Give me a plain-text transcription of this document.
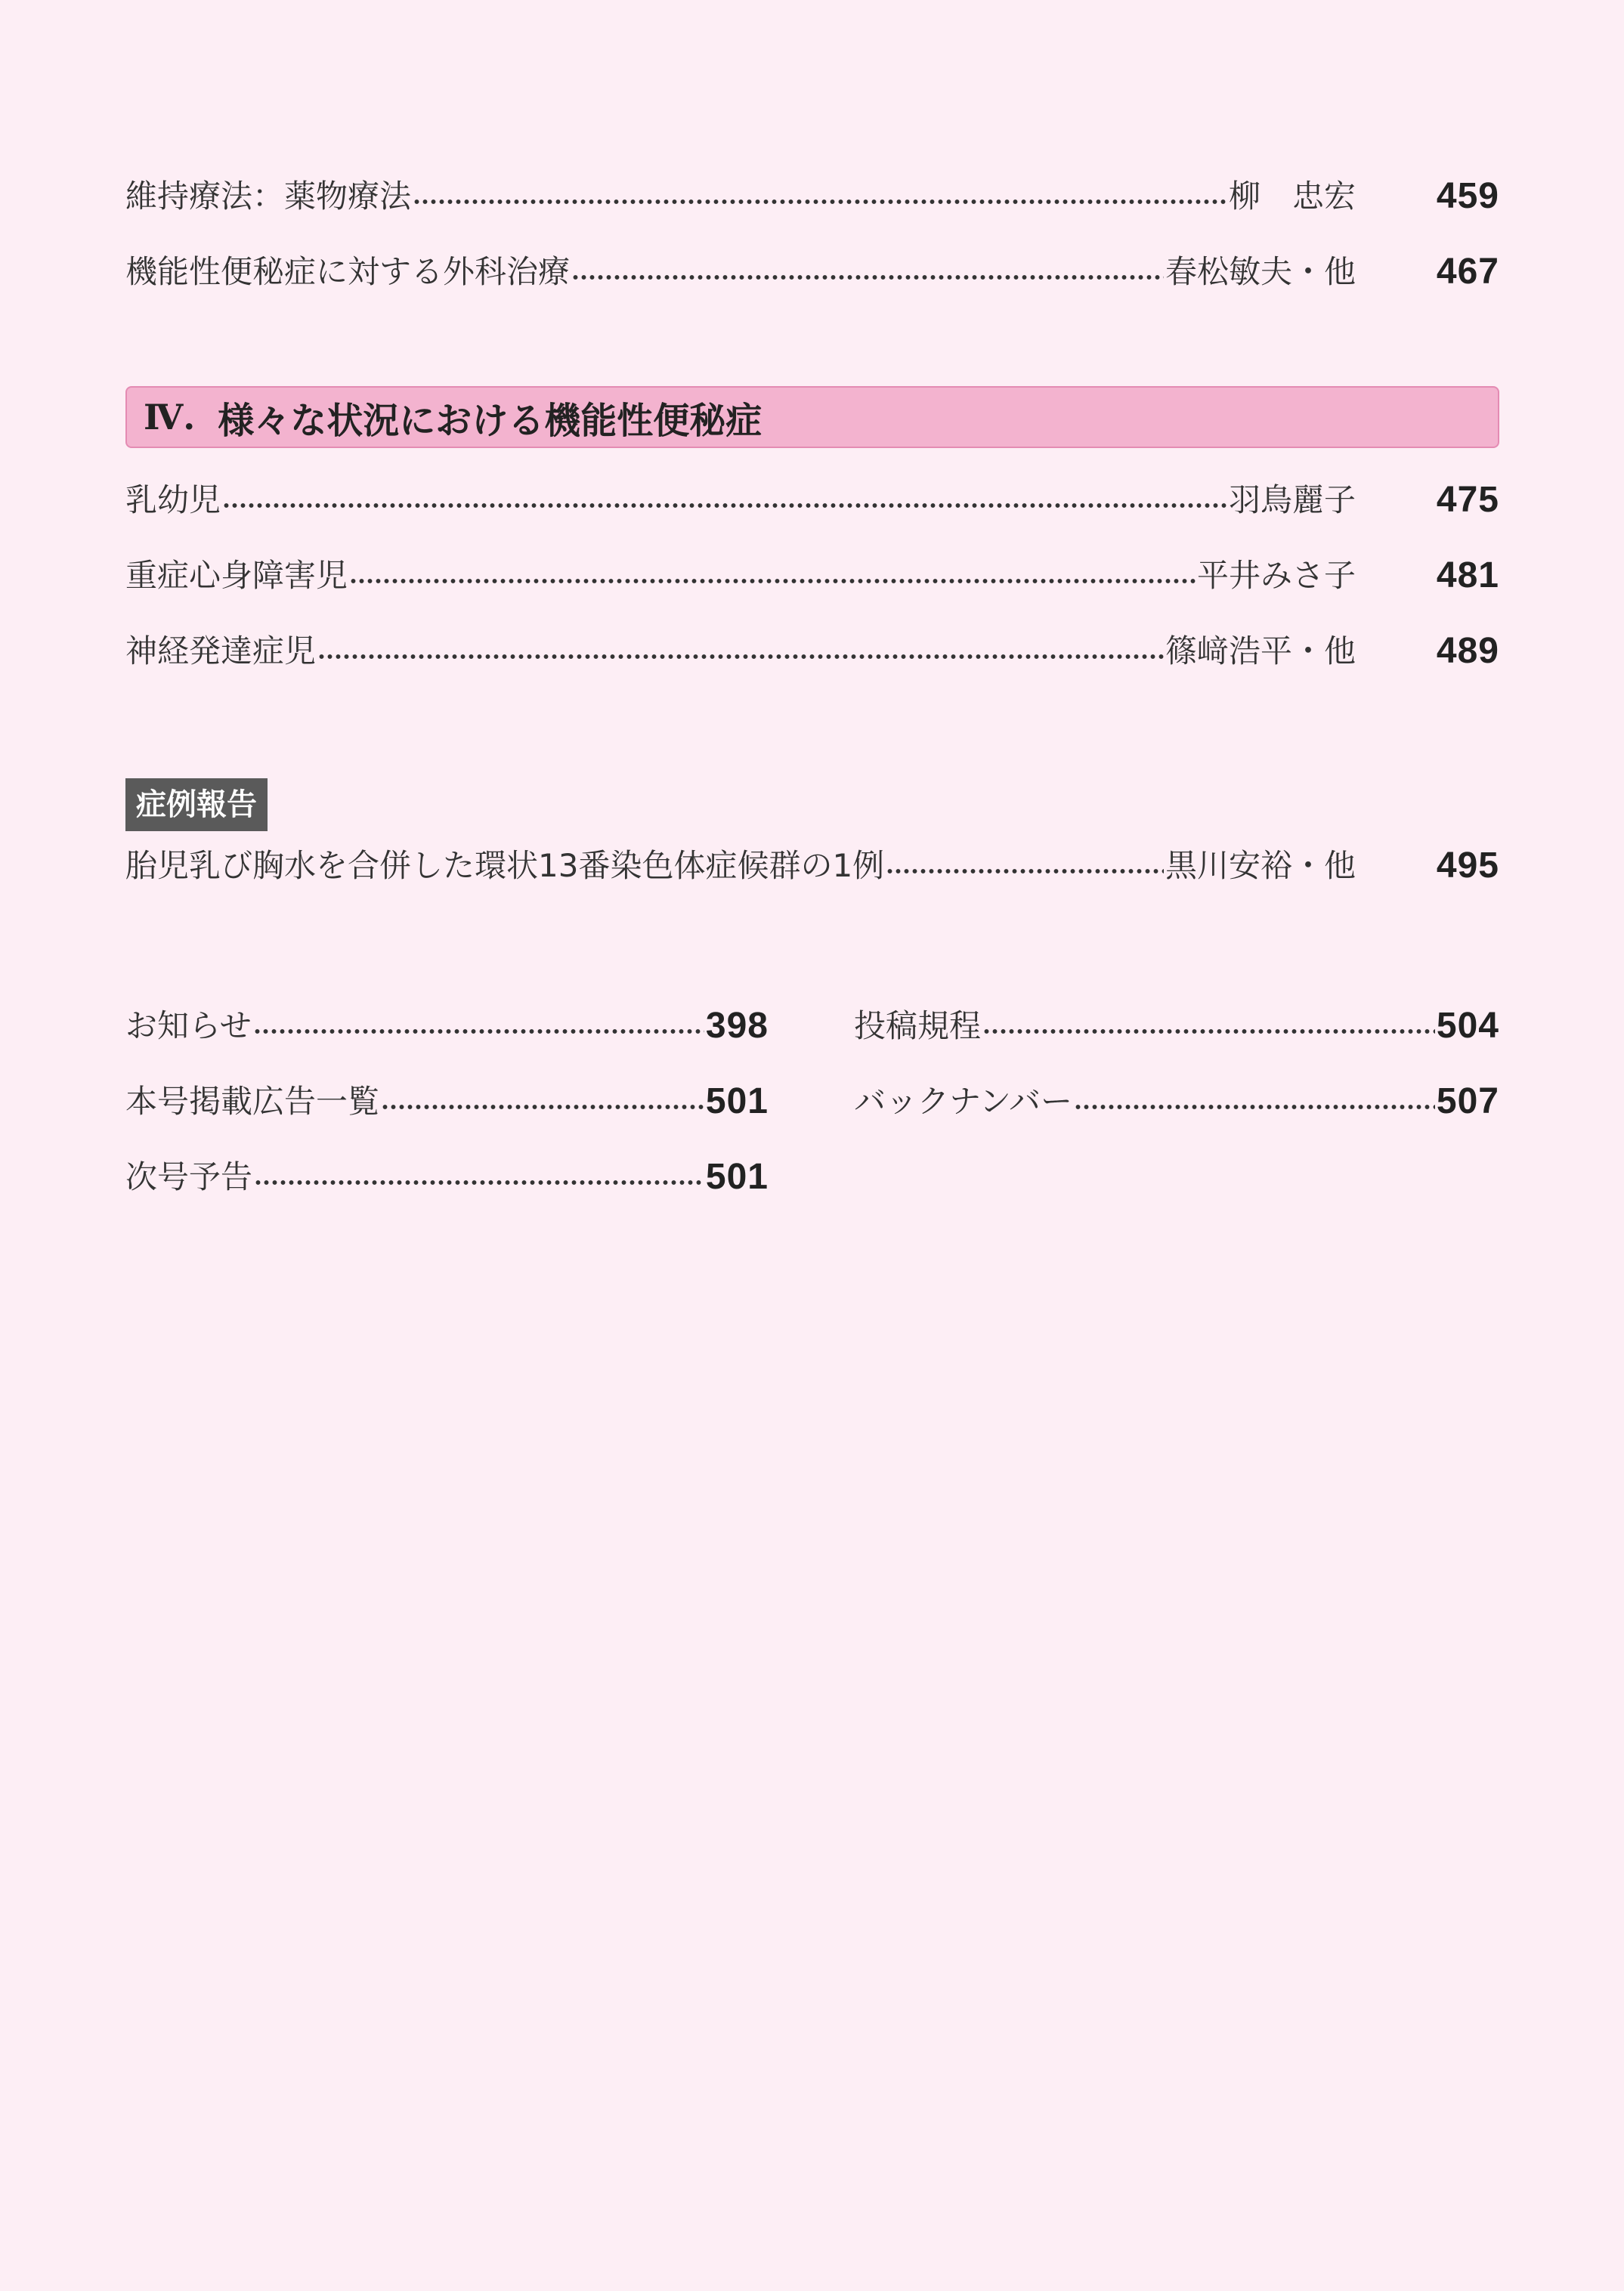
維持療法：薬物療法	柳　忠宏	459
機能性便秘症に対する外科治療	春松敏夫・他	467
Ⅳ. 様々な状況における機能性便秘症
乳幼児	羽鳥麗子	475
重症心身障害児	平井みさ子	481
神経発達症児	篠﨑浩平・他	489
症例報告
胎児乳び胸水を合併した環状13番染色体症候群の1例	黒川安裕・他	495
お知らせ	398
本号掲載広告一覧	501
次号予告	501
投稿規程	504
バックナンバー	507
